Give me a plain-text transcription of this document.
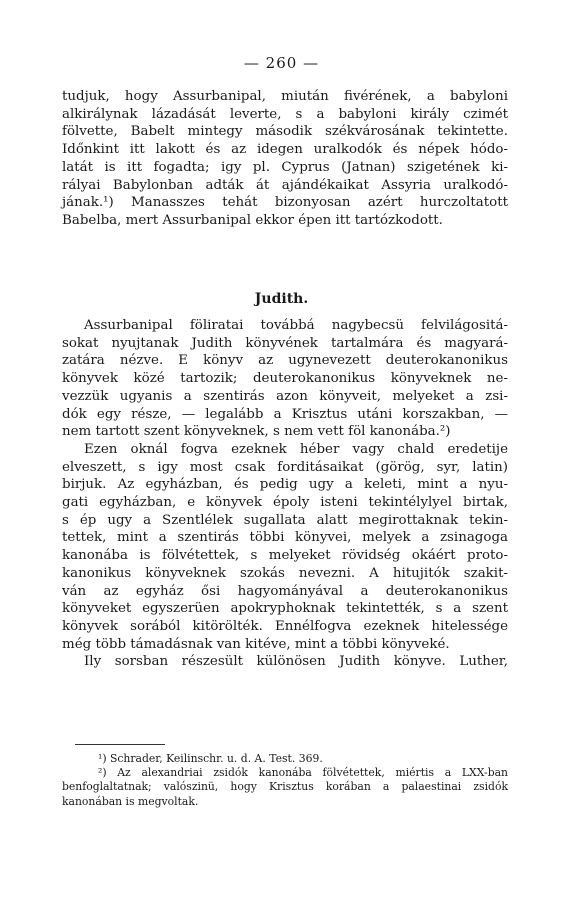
— 260 —
tudjuk, hogy Assurbanipal, miután fivérének, a babyloni
alkirálynak lázadását leverte, s a babyloni király czimét
fölvette, Babelt mintegy második székvárosának tekintette.
Időnkint itt lakott és az idegen uralkodók és népek hódo-
latát is itt fogadta; igy pl. Cyprus (Jatnan) szigetének ki-
rályai Babylonban adták át ajándékaikat Assyria uralkodó-
jának.¹) Manasszes tehát bizonyosan azért hurczoltatott
Babelba, mert Assurbanipal ekkor épen itt tartózkodott.
Judith.
Assurbanipal föliratai továbbá nagybecsü felvilágositá-
sokat nyujtanak Judith könyvének tartalmára és magyará-
zatára nézve. E könyv az ugynevezett deuterokanonikus
könyvek közé tartozik; deuterokanonikus könyveknek ne-
vezzük ugyanis a szentirás azon könyveit, melyeket a zsi-
dók egy része, — legalább a Krisztus utáni korszakban, —
nem tartott szent könyveknek, s nem vett föl kanonába.²)
Ezen oknál fogva ezeknek héber vagy chald eredetije
elveszett, s igy most csak forditásaikat (görög, syr, latin)
birjuk. Az egyházban, és pedig ugy a keleti, mint a nyu-
gati egyházban, e könyvek époly isteni tekintélylyel birtak,
s ép ugy a Szentlélek sugallata alatt megirottaknak tekin-
tettek, mint a szentirás többi könyvei, melyek a zsinagoga
kanonába is fölvétettek, s melyeket rövidség okáért proto-
kanonikus könyveknek szokás nevezni. A hitujitók szakit-
ván az egyház ősi hagyományával a deuterokanonikus
könyveket egyszerüen apokryphoknak tekintették, s a szent
könyvek sorából kitörölték. Ennélfogva ezeknek hitelessége
még több támadásnak van kitéve, mint a többi könyveké.
Ily sorsban részesült különösen Judith könyve. Luther,
¹) Schrader, Keilinschr. u. d. A. Test. 369.
²) Az alexandriai zsidók kanonába fölvétettek, miértis a LXX-ban
benfoglaltatnak; valószinü, hogy Krisztus korában a palaestinai zsidók
kanonában is megvoltak.
